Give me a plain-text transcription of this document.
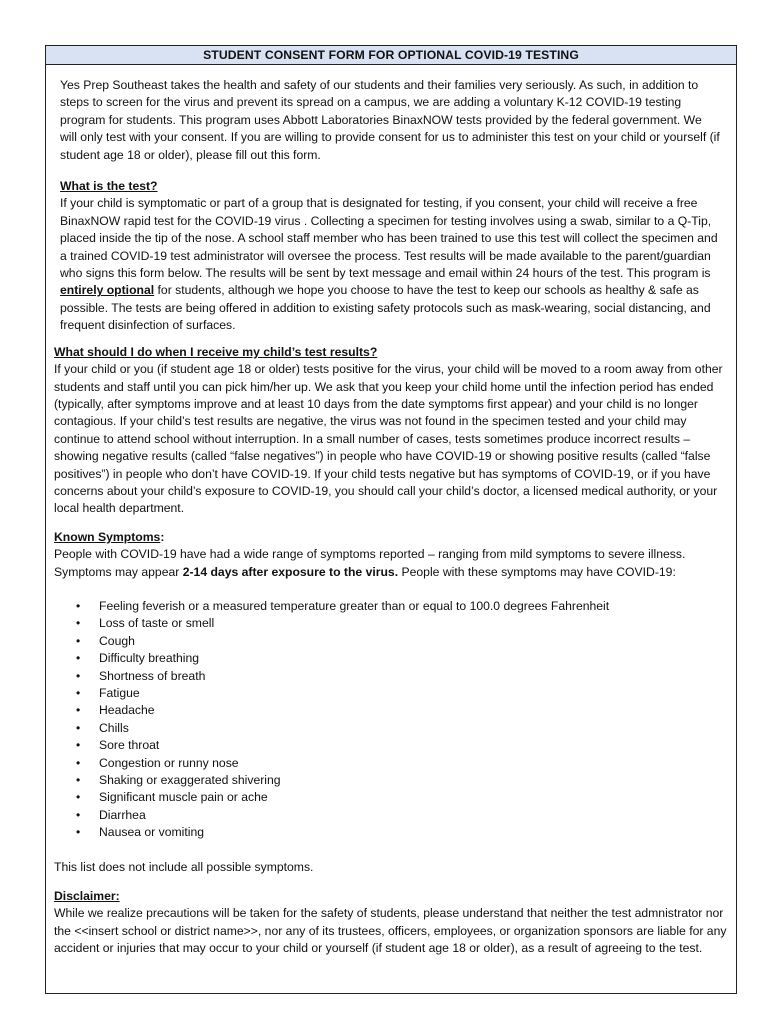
STUDENT CONSENT FORM FOR OPTIONAL COVID-19 TESTING

Yes Prep Southeast takes the health and safety of our students and their families very seriously. As such, in addition to steps to screen for the virus and prevent its spread on a campus, we are adding a voluntary K-12 COVID-19 testing program for students. This program uses Abbott Laboratories BinaxNOW tests provided by the federal government. We will only test with your consent. If you are willing to provide consent for us to administer this test on your child or yourself (if student age 18 or older), please fill out this form.

What is the test?

If your child is symptomatic or part of a group that is designated for testing, if you consent, your child will receive a free BinaxNOW rapid test for the COVID-19 virus . Collecting a specimen for testing involves using a swab, similar to a Q-Tip, placed inside the tip of the nose. A school staff member who has been trained to use this test will collect the specimen and a trained COVID-19 test administrator will oversee the process. Test results will be made available to the parent/guardian who signs this form below. The results will be sent by text message and email within 24 hours of the test. This program is entirely optional for students, although we hope you choose to have the test to keep our schools as healthy & safe as possible. The tests are being offered in addition to existing safety protocols such as mask-wearing, social distancing, and frequent disinfection of surfaces.

What should I do when I receive my child’s test results?

If your child or you (if student age 18 or older) tests positive for the virus, your child will be moved to a room away from other students and staff until you can pick him/her up. We ask that you keep your child home until the infection period has ended (typically, after symptoms improve and at least 10 days from the date symptoms first appear) and your child is no longer contagious. If your child’s test results are negative, the virus was not found in the specimen tested and your child may continue to attend school without interruption. In a small number of cases, tests sometimes produce incorrect results – showing negative results (called “false negatives”) in people who have COVID-19 or showing positive results (called “false positives”) in people who don’t have COVID-19. If your child tests negative but has symptoms of COVID-19, or if you have concerns about your child’s exposure to COVID-19, you should call your child’s doctor, a licensed medical authority, or your local health department.

Known Symptoms:

People with COVID-19 have had a wide range of symptoms reported – ranging from mild symptoms to severe illness. Symptoms may appear 2-14 days after exposure to the virus. People with these symptoms may have COVID-19:

• Feeling feverish or a measured temperature greater than or equal to 100.0 degrees Fahrenheit
• Loss of taste or smell
• Cough
• Difficulty breathing
• Shortness of breath
• Fatigue
• Headache
• Chills
• Sore throat
• Congestion or runny nose
• Shaking or exaggerated shivering
• Significant muscle pain or ache
• Diarrhea
• Nausea or vomiting

This list does not include all possible symptoms.

Disclaimer:

While we realize precautions will be taken for the safety of students, please understand that neither the test admnistrator nor the <<insert school or district name>>, nor any of its trustees, officers, employees, or organization sponsors are liable for any accident or injuries that may occur to your child or yourself (if student age 18 or older), as a result of agreeing to the test.
